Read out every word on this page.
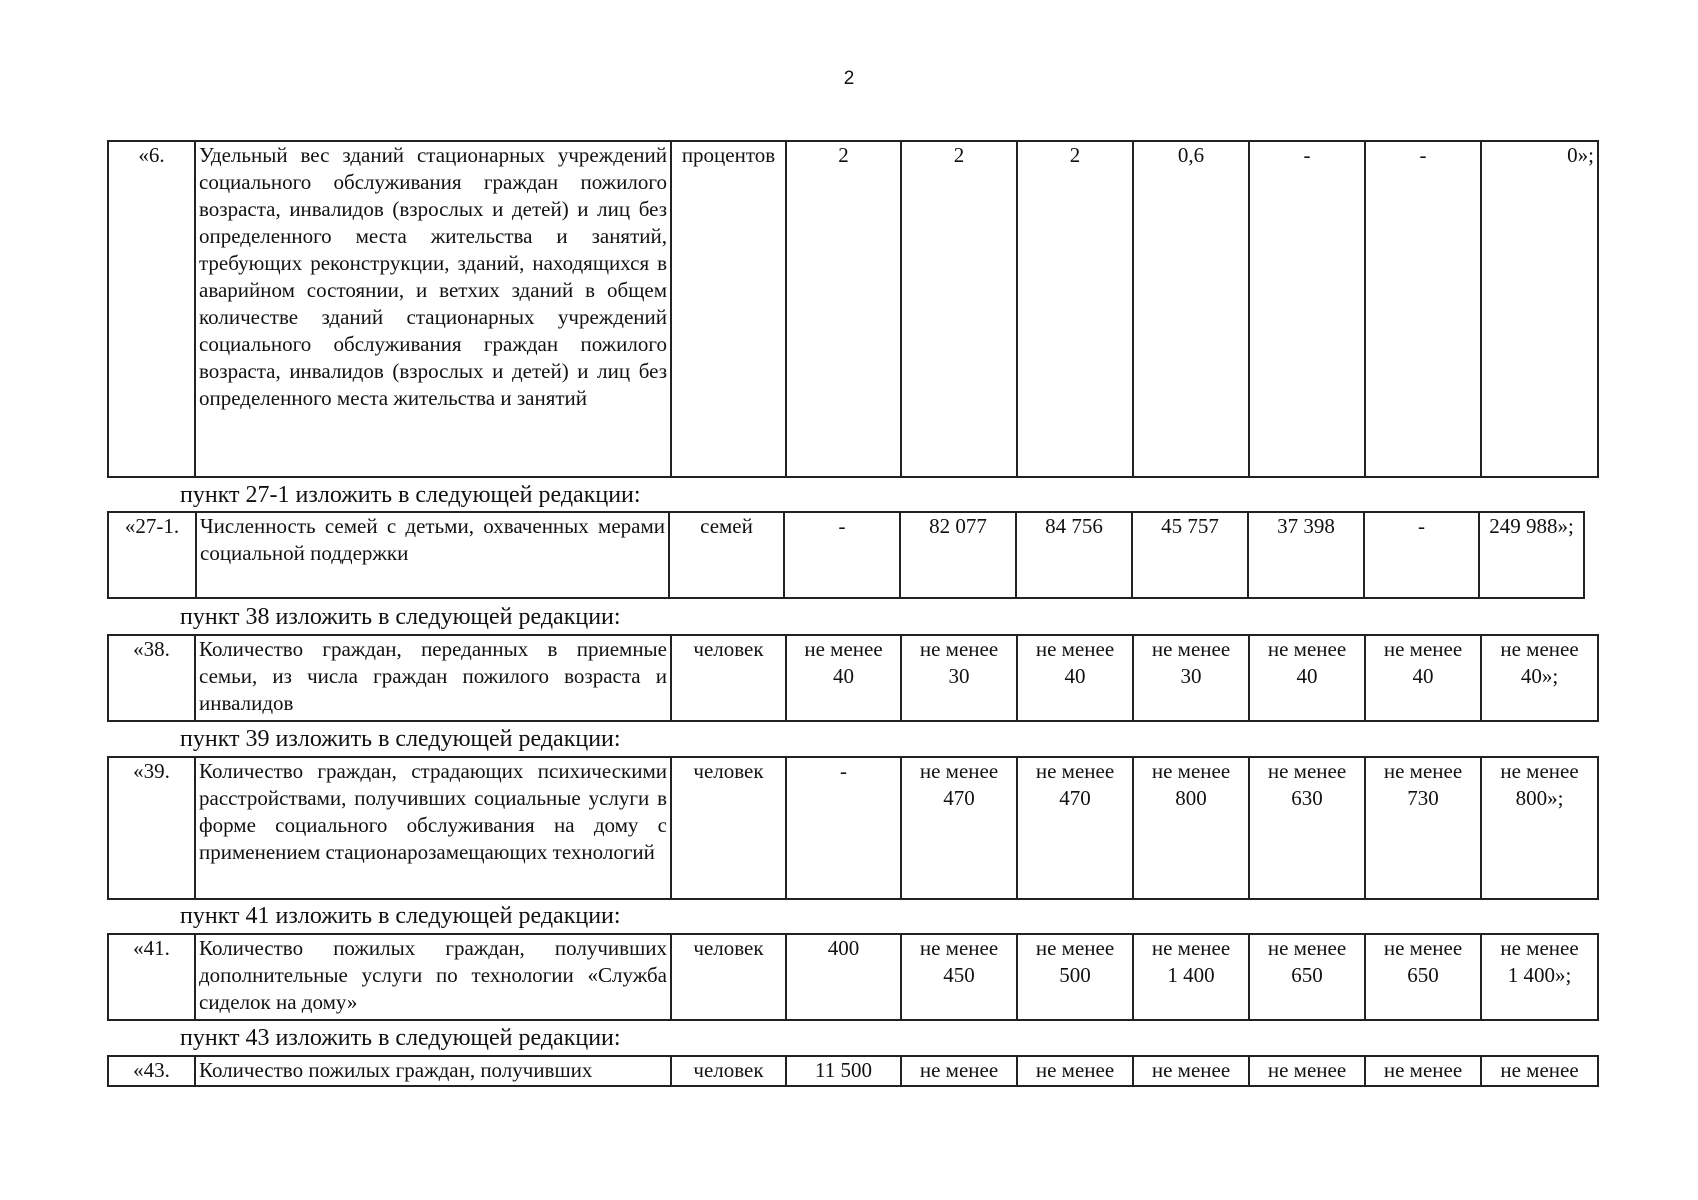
2
«6.	Удельный вес зданий стационарных учреждений социального обслуживания граждан пожилого возраста, инвалидов (взрослых и детей) и лиц без определенного места жительства и занятий, требующих реконструкции, зданий, находящихся в аварийном состоянии, и ветхих зданий в общем количестве зданий стационарных учреждений социального обслуживания граждан пожилого возраста, инвалидов (взрослых и детей) и лиц без определенного места жительства и занятий	процентов	2	2	2	0,6	-	-	0»;
пункт 27-1 изложить в следующей редакции:
«27-1.	Численность семей с детьми, охваченных мерами социальной поддержки	семей	-	82 077	84 756	45 757	37 398	-	249 988»;
пункт 38 изложить в следующей редакции:
«38.	Количество граждан, переданных в приемные семьи, из числа граждан пожилого возраста и инвалидов	человек	не менее
40	не менее
30	не менее
40	не менее
30	не менее
40	не менее
40	не менее
40»;
пункт 39 изложить в следующей редакции:
«39.	Количество граждан, страдающих психическими расстройствами, получивших социальные услуги в форме социального обслуживания на дому с применением стационарозамещающих технологий	человек	-	не менее
470	не менее
470	не менее
800	не менее
630	не менее
730	не менее
800»;
пункт 41 изложить в следующей редакции:
«41.	Количество пожилых граждан, получивших дополнительные услуги по технологии «Служба сиделок на дому»	человек	400	не менее
450	не менее
500	не менее
1 400	не менее
650	не менее
650	не менее
1 400»;
пункт 43 изложить в следующей редакции:
«43.	Количество пожилых граждан, получивших	человек	11 500	не менее	не менее	не менее	не менее	не менее	не менее
